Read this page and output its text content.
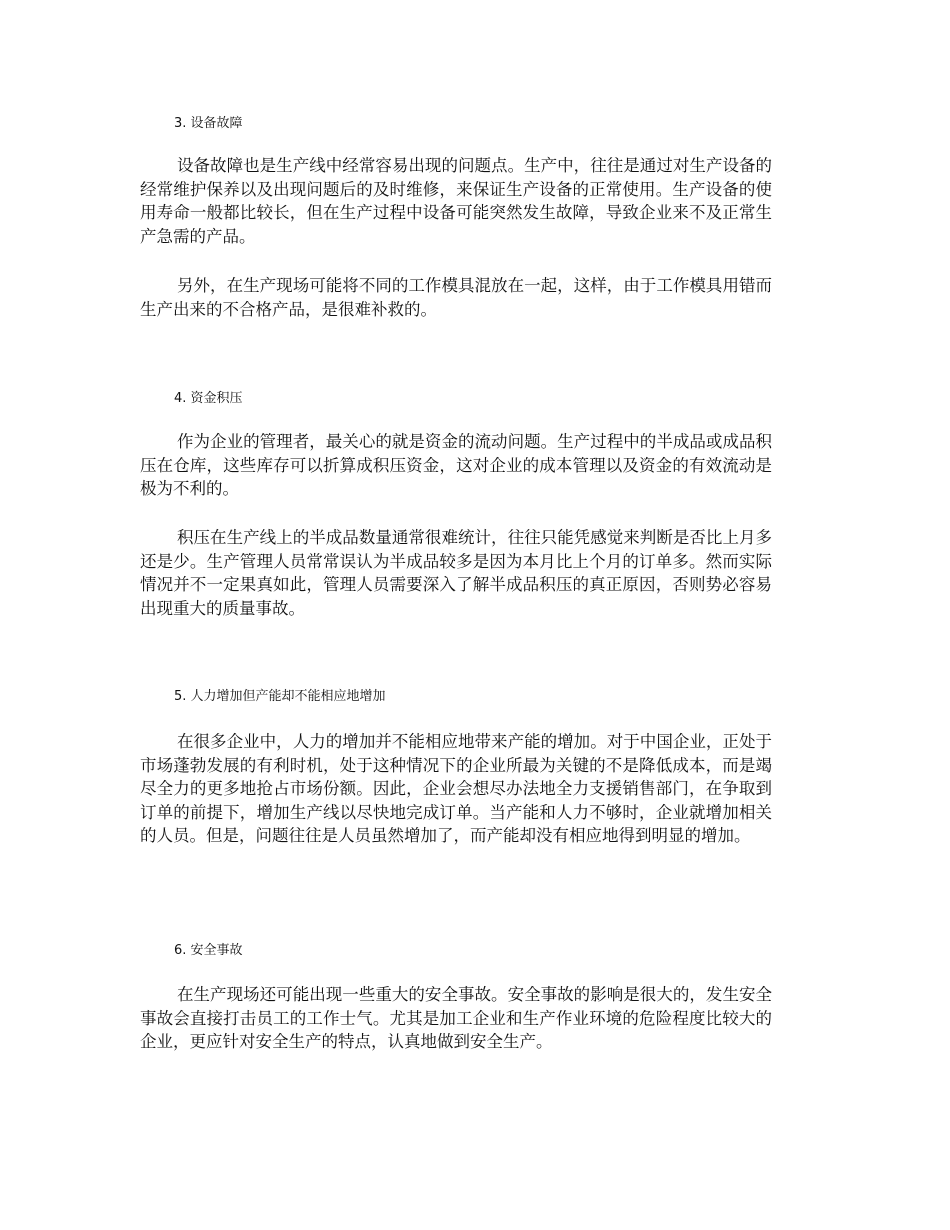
3. 设备故障

设备故障也是生产线中经常容易出现的问题点。生产中，往往是通过对生产设备的经常维护保养以及出现问题后的及时维修，来保证生产设备的正常使用。生产设备的使用寿命一般都比较长，但在生产过程中设备可能突然发生故障，导致企业来不及正常生产急需的产品。

另外，在生产现场可能将不同的工作模具混放在一起，这样，由于工作模具用错而生产出来的不合格产品，是很难补救的。

4. 资金积压

作为企业的管理者，最关心的就是资金的流动问题。生产过程中的半成品或成品积压在仓库，这些库存可以折算成积压资金，这对企业的成本管理以及资金的有效流动是极为不利的。

积压在生产线上的半成品数量通常很难统计，往往只能凭感觉来判断是否比上月多还是少。生产管理人员常常误认为半成品较多是因为本月比上个月的订单多。然而实际情况并不一定果真如此，管理人员需要深入了解半成品积压的真正原因，否则势必容易出现重大的质量事故。

5. 人力增加但产能却不能相应地增加

在很多企业中，人力的增加并不能相应地带来产能的增加。对于中国企业，正处于市场蓬勃发展的有利时机，处于这种情况下的企业所最为关键的不是降低成本，而是竭尽全力的更多地抢占市场份额。因此，企业会想尽办法地全力支援销售部门，在争取到订单的前提下，增加生产线以尽快地完成订单。当产能和人力不够时，企业就增加相关的人员。但是，问题往往是人员虽然增加了，而产能却没有相应地得到明显的增加。

6. 安全事故

在生产现场还可能出现一些重大的安全事故。安全事故的影响是很大的，发生安全事故会直接打击员工的工作士气。尤其是加工企业和生产作业环境的危险程度比较大的企业，更应针对安全生产的特点，认真地做到安全生产。
